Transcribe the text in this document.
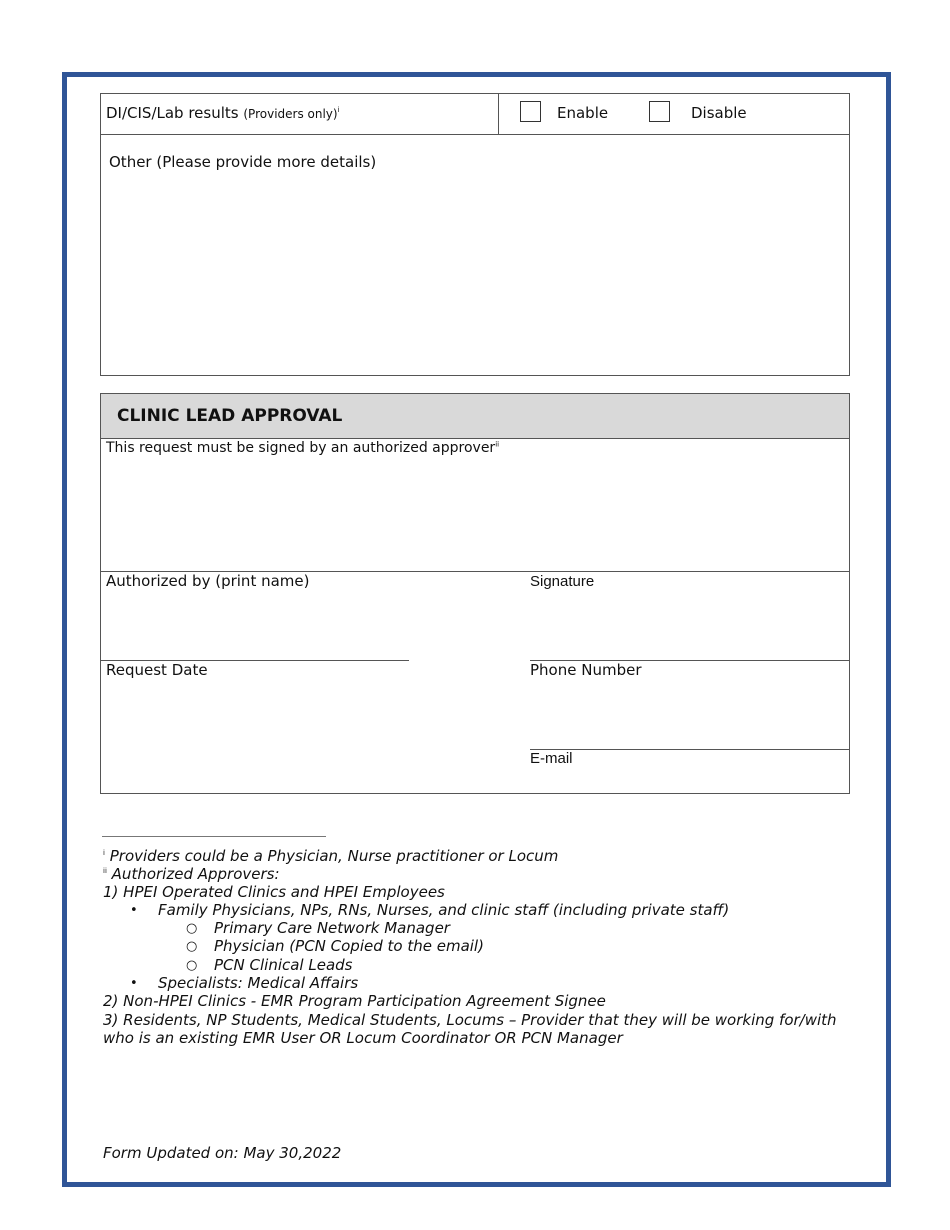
DI/CIS/Lab results (Providers only)$^i$	Enable	Disable
Other (Please provide more details)
CLINIC LEAD APPROVAL
This request must be signed by an authorized approver$^{ii}$
Authorized by (print name)	Signature
Request Date	Phone Number
E-mail
$^i$ Providers could be a Physician, Nurse practitioner or Locum
$^{ii}$ Authorized Approvers:
1) HPEI Operated Clinics and HPEI Employees
• Family Physicians, NPs, RNs, Nurses, and clinic staff (including private staff)
○ Primary Care Network Manager
○ Physician (PCN Copied to the email)
○ PCN Clinical Leads
• Specialists: Medical Affairs
2) Non-HPEI Clinics - EMR Program Participation Agreement Signee
3) Residents, NP Students, Medical Students, Locums – Provider that they will be working for/with
who is an existing EMR User OR Locum Coordinator OR PCN Manager
Form Updated on: May 30,2022
